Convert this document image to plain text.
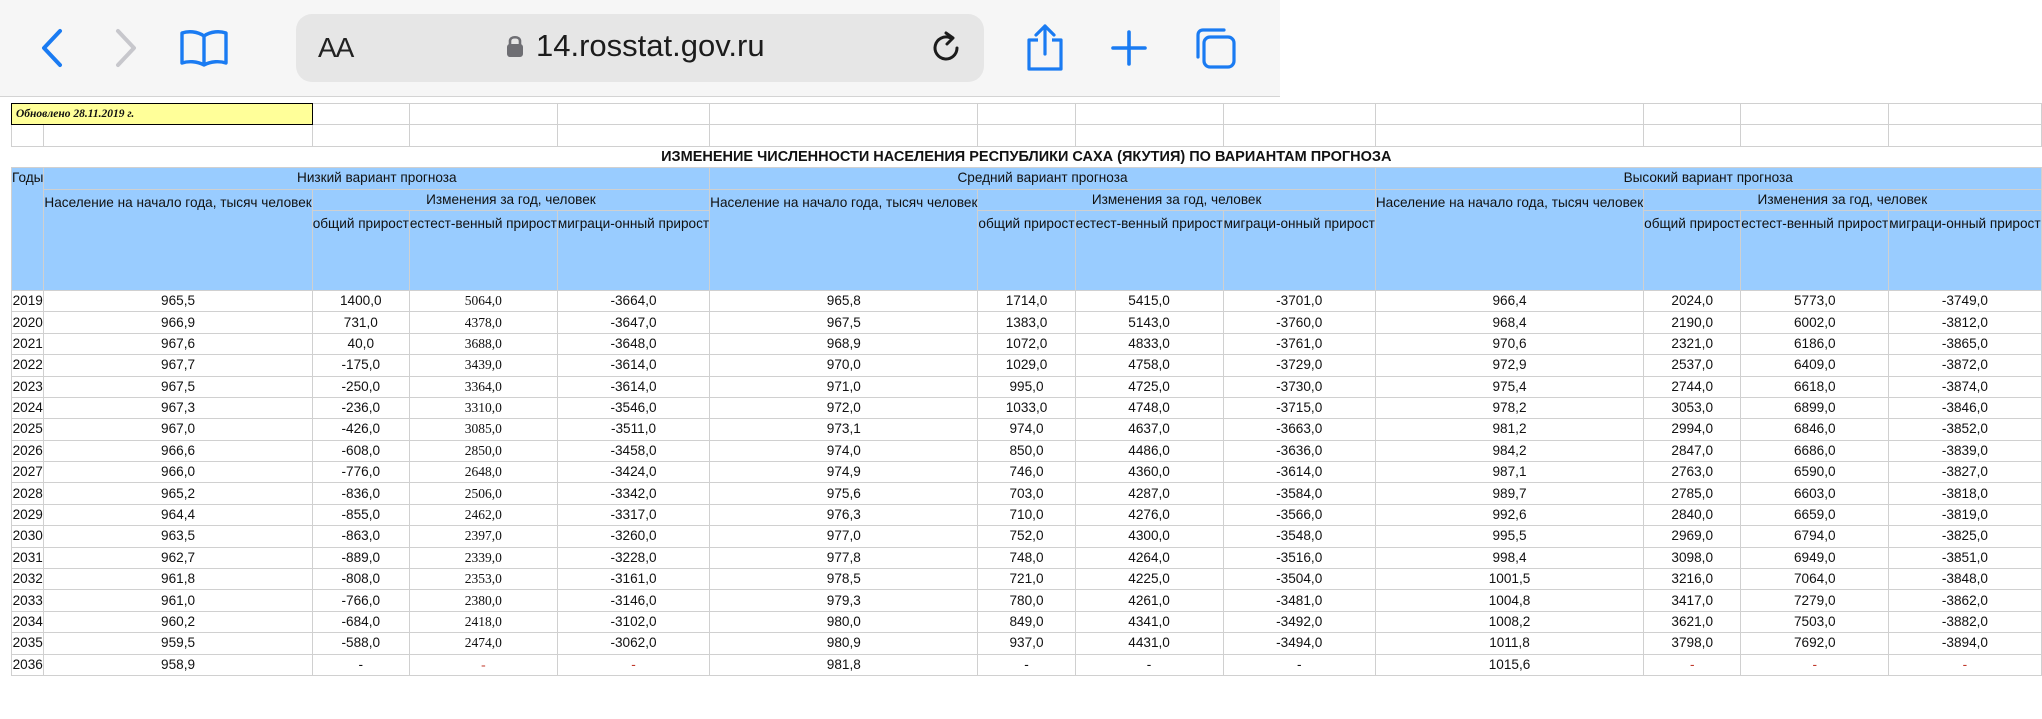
AA	14.rosstat.gov.ru
Обновлено 28.11.2019 г.												

ИЗМЕНЕНИЕ ЧИСЛЕННОСТИ НАСЕЛЕНИЯ РЕСПУБЛИКИ САХА (ЯКУТИЯ) ПО ВАРИАНТАМ ПРОГНОЗА												
Годы	Низкий вариант прогноза				Средний вариант прогноза				Высокий вариант прогноза			
	Население на начало года, тысяч человек	Изменения за год, человек			Население на начало года, тысяч человек	Изменения за год, человек			Население на начало года, тысяч человек	Изменения за год, человек		
		общий прирост	естест-венный прирост	миграци-онный прирост		общий прирост	естест-венный прирост	миграци-онный прирост		общий прирост	естест-венный прирост	миграци-онный прирост
2019	965,5	1400,0	5064,0	-3664,0	965,8	1714,0	5415,0	-3701,0	966,4	2024,0	5773,0	-3749,0
2020	966,9	731,0	4378,0	-3647,0	967,5	1383,0	5143,0	-3760,0	968,4	2190,0	6002,0	-3812,0
2021	967,6	40,0	3688,0	-3648,0	968,9	1072,0	4833,0	-3761,0	970,6	2321,0	6186,0	-3865,0
2022	967,7	-175,0	3439,0	-3614,0	970,0	1029,0	4758,0	-3729,0	972,9	2537,0	6409,0	-3872,0
2023	967,5	-250,0	3364,0	-3614,0	971,0	995,0	4725,0	-3730,0	975,4	2744,0	6618,0	-3874,0
2024	967,3	-236,0	3310,0	-3546,0	972,0	1033,0	4748,0	-3715,0	978,2	3053,0	6899,0	-3846,0
2025	967,0	-426,0	3085,0	-3511,0	973,1	974,0	4637,0	-3663,0	981,2	2994,0	6846,0	-3852,0
2026	966,6	-608,0	2850,0	-3458,0	974,0	850,0	4486,0	-3636,0	984,2	2847,0	6686,0	-3839,0
2027	966,0	-776,0	2648,0	-3424,0	974,9	746,0	4360,0	-3614,0	987,1	2763,0	6590,0	-3827,0
2028	965,2	-836,0	2506,0	-3342,0	975,6	703,0	4287,0	-3584,0	989,7	2785,0	6603,0	-3818,0
2029	964,4	-855,0	2462,0	-3317,0	976,3	710,0	4276,0	-3566,0	992,6	2840,0	6659,0	-3819,0
2030	963,5	-863,0	2397,0	-3260,0	977,0	752,0	4300,0	-3548,0	995,5	2969,0	6794,0	-3825,0
2031	962,7	-889,0	2339,0	-3228,0	977,8	748,0	4264,0	-3516,0	998,4	3098,0	6949,0	-3851,0
2032	961,8	-808,0	2353,0	-3161,0	978,5	721,0	4225,0	-3504,0	1001,5	3216,0	7064,0	-3848,0
2033	961,0	-766,0	2380,0	-3146,0	979,3	780,0	4261,0	-3481,0	1004,8	3417,0	7279,0	-3862,0
2034	960,2	-684,0	2418,0	-3102,0	980,0	849,0	4341,0	-3492,0	1008,2	3621,0	7503,0	-3882,0
2035	959,5	-588,0	2474,0	-3062,0	980,9	937,0	4431,0	-3494,0	1011,8	3798,0	7692,0	-3894,0
2036	958,9	-	-	-	981,8	-	-	-	1015,6	-	-	-
